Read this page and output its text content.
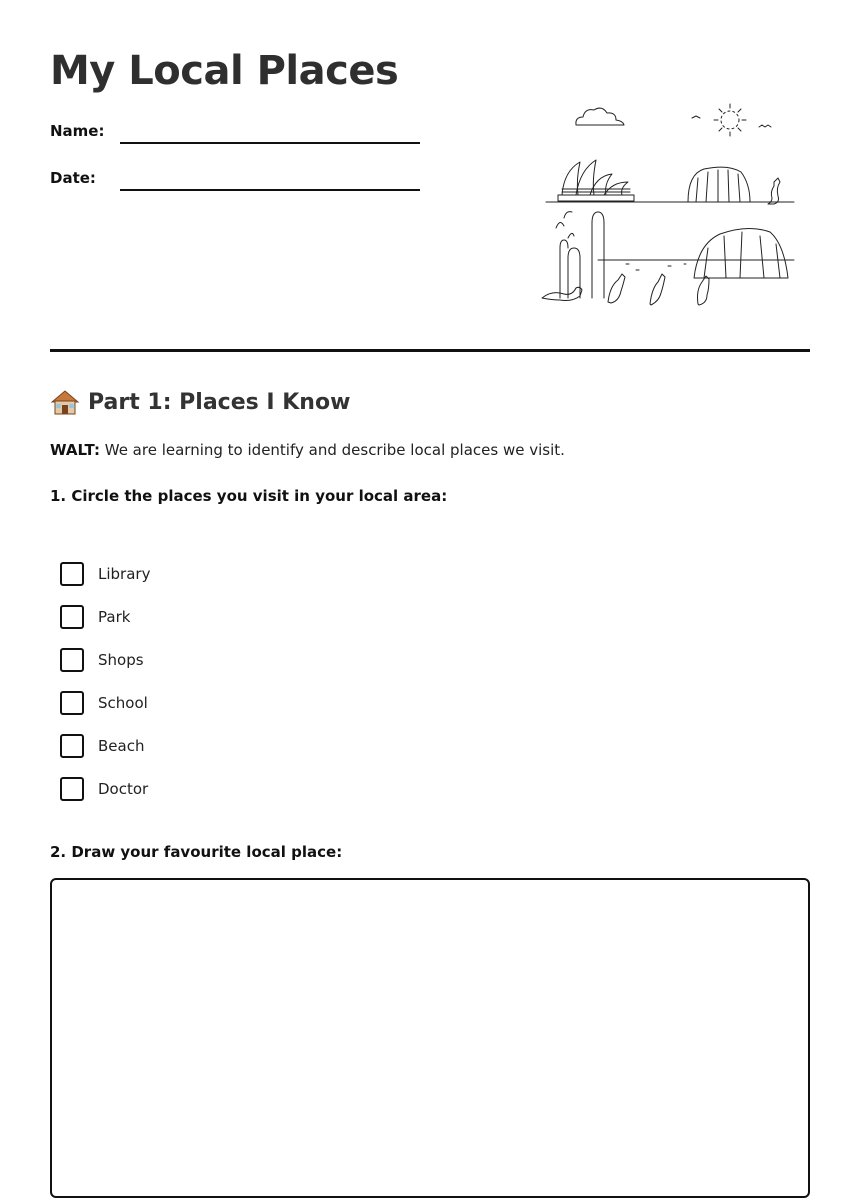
My Local Places
Name:
Date:
Part 1: Places I Know
WALT: We are learning to identify and describe local places we visit.
1. Circle the places you visit in your local area:
Library
Park
Shops
School
Beach
Doctor
2. Draw your favourite local place:
